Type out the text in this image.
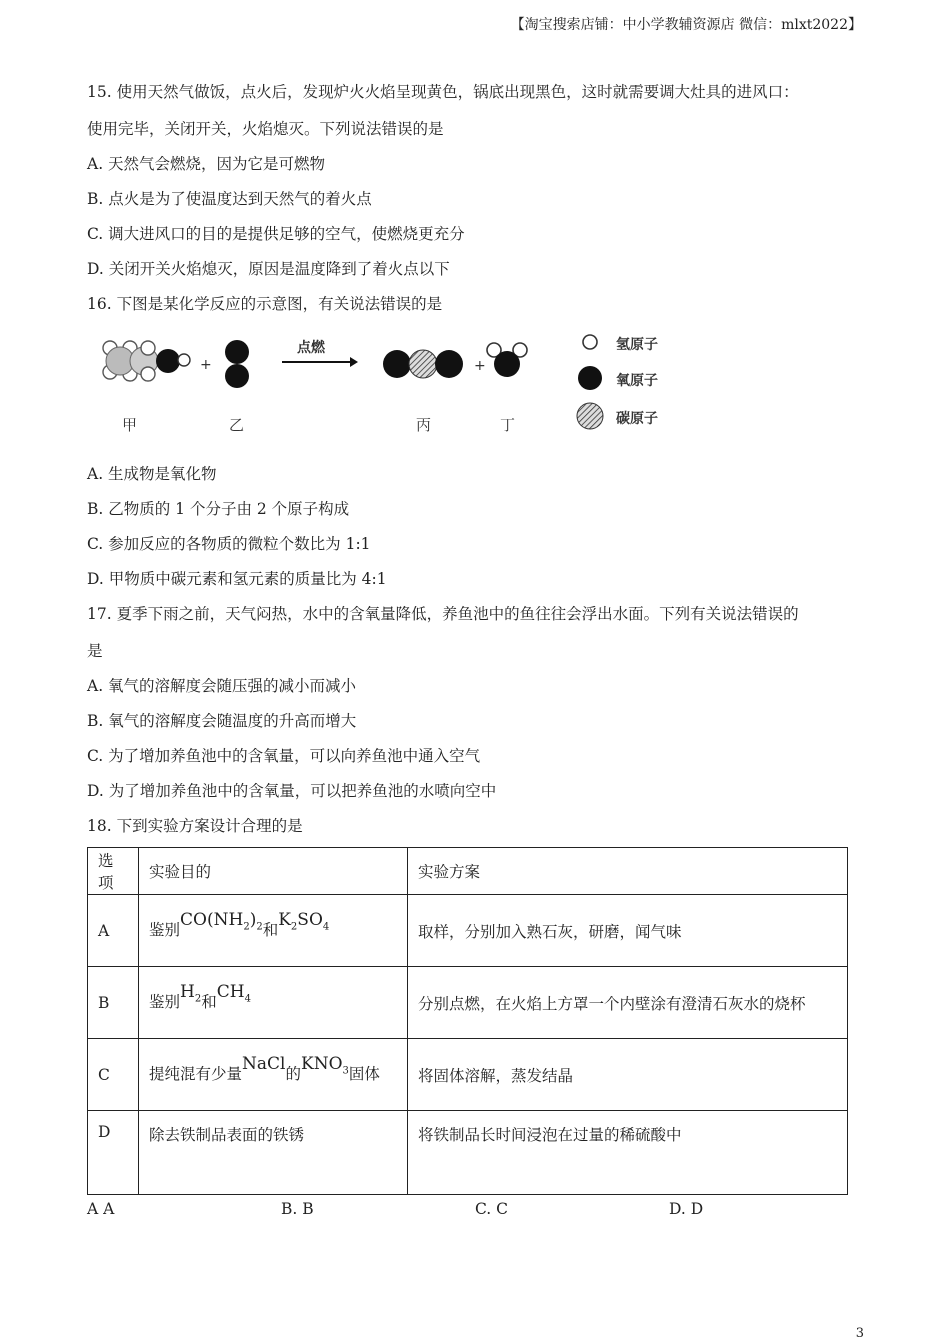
【淘宝搜索店铺：中小学教辅资源店 微信：mlxt2022】
15. 使用天然气做饭，点火后，发现炉火火焰呈现黄色，锅底出现黑色，这时就需要调大灶具的进风口：
使用完毕，关闭开关，火焰熄灭。下列说法错误的是
A. 天然气会燃烧，因为它是可燃物
B. 点火是为了使温度达到天然气的着火点
C. 调大进风口的目的是提供足够的空气，使燃烧更充分
D. 关闭开关火焰熄灭，原因是温度降到了着火点以下
16. 下图是某化学反应的示意图，有关说法错误的是
+
点燃
+
甲	乙	丙	丁
氢原子
氧原子
碳原子
A. 生成物是氧化物
B. 乙物质的 1 个分子由 2 个原子构成
C. 参加反应的各物质的微粒个数比为 1:1
D. 甲物质中碳元素和氢元素的质量比为 4:1
17. 夏季下雨之前，天气闷热，水中的含氧量降低，养鱼池中的鱼往往会浮出水面。下列有关说法错误的
是
A. 氧气的溶解度会随压强的减小而减小
B. 氧气的溶解度会随温度的升高而增大
C. 为了增加养鱼池中的含氧量，可以向养鱼池中通入空气
D. 为了增加养鱼池中的含氧量，可以把养鱼池的水喷向空中
18. 下到实验方案设计合理的是
选项	实验目的	实验方案
A	鉴别$CO(NH_2)_2$和$K_2SO_4$	取样，分别加入熟石灰，研磨，闻气味
B	鉴别$H_2$和$CH_4$	分别点燃，在火焰上方罩一个内壁涂有澄清石灰水的烧杯
C	提纯混有少量NaCl的$KNO_3$固体	将固体溶解，蒸发结晶
D	除去铁制品表面的铁锈	将铁制品长时间浸泡在过量的稀硫酸中
A A	B. B	C. C	D. D
3
